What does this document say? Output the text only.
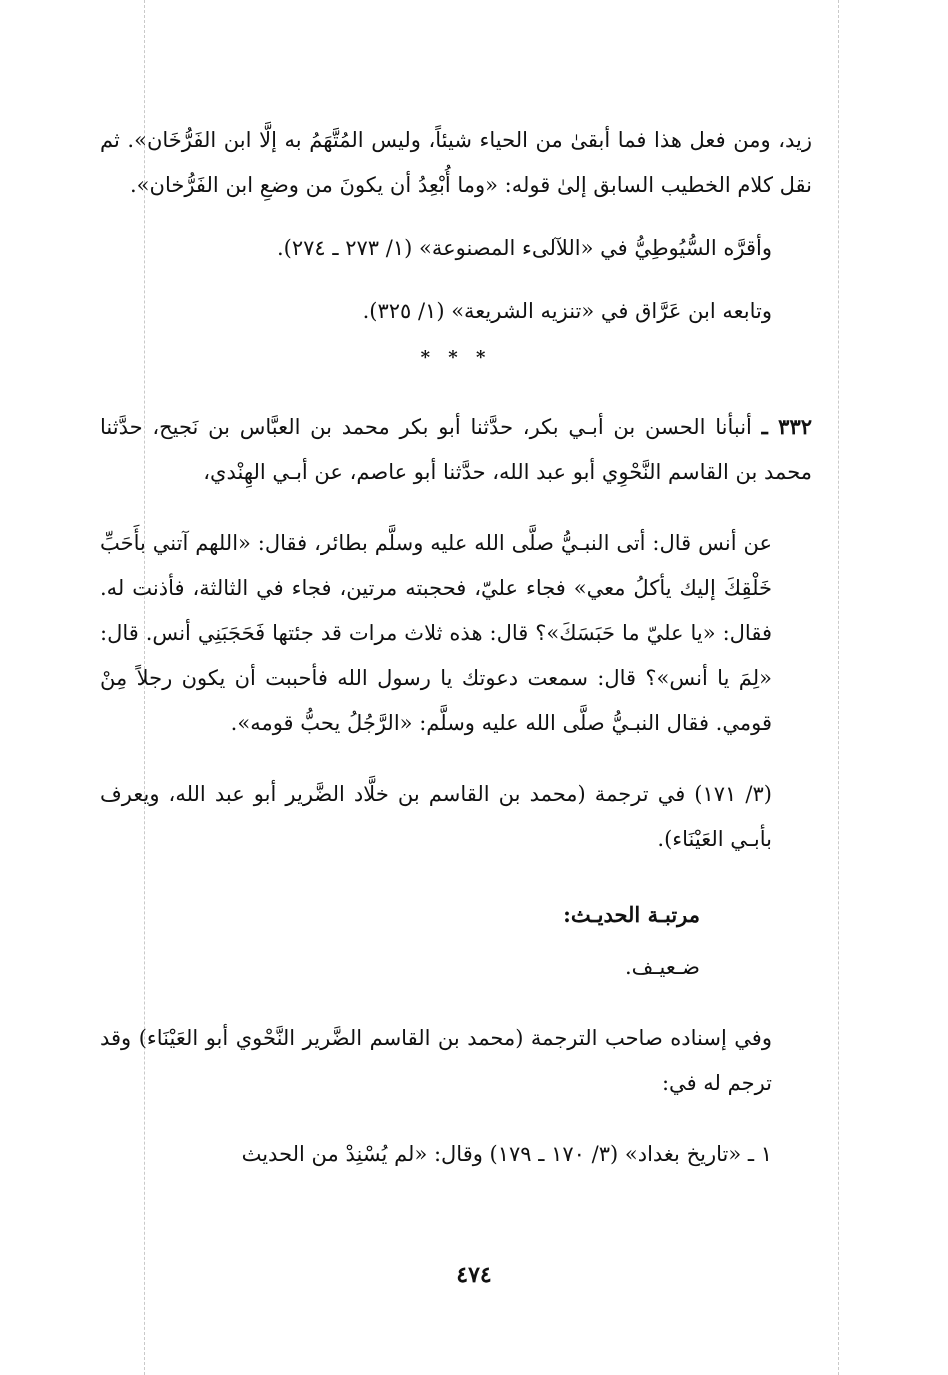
زيد، ومن فعل هذا فما أبقىٰ من الحياء شيئاً، وليس المُتَّهَمُ به إلَّا ابن الفَرُّخَان». ثم نقل كلام الخطيب السابق إلىٰ قوله: «وما أُبْعِدُ أن يكونَ من وضعِ ابن الفَرُّخان».

وأقرَّه السُّيُوطِيُّ في «اللآلىء المصنوعة» (١/ ٢٧٣ ـ ٢٧٤).

وتابعه ابن عَرَّاق في «تنزيه الشريعة» (١/ ٣٢٥).

* * *

٣٣٢ ـ أنبأنا الحسن بن أبـي بكر، حدَّثنا أبو بكر محمد بن العبَّاس بن نَجيح، حدَّثنا محمد بن القاسم النَّحْوِي أبو عبد الله، حدَّثنا أبو عاصم، عن أبـي الهِنْدي،

عن أنس قال: أتى النبـيُّ صلَّى الله عليه وسلَّم بطائر، فقال: «اللهم آتني بأَحَبِّ خَلْقِكَ إليك يأكلُ معي» فجاء عليّ، فحجبته مرتين، فجاء في الثالثة، فأذنت له. فقال: «يا عليّ ما حَبَسَكَ»؟ قال: هذه ثلاث مرات قد جئتها فَحَجَبَنِي أنس. قال: «لِمَ يا أنس»؟ قال: سمعت دعوتك يا رسول الله فأحببت أن يكون رجلاً مِنْ قومي. فقال النبـيُّ صلَّى الله عليه وسلَّم: «الرَّجُلُ يحبُّ قومه».

(٣/ ١٧١) في ترجمة (محمد بن القاسم بن خلَّاد الضَّرير أبو عبد الله، ويعرف بأبـي العَيْنَاء).

مرتبـة الحديـث:

ضـعيـف.

وفي إسناده صاحب الترجمة (محمد بن القاسم الضَّرير النَّحْوي أبو العَيْنَاء) وقد ترجم له في:

١ ـ «تاريخ بغداد» (٣/ ١٧٠ ـ ١٧٩) وقال: «لم يُسْنِدْ من الحديث

٤٧٤
